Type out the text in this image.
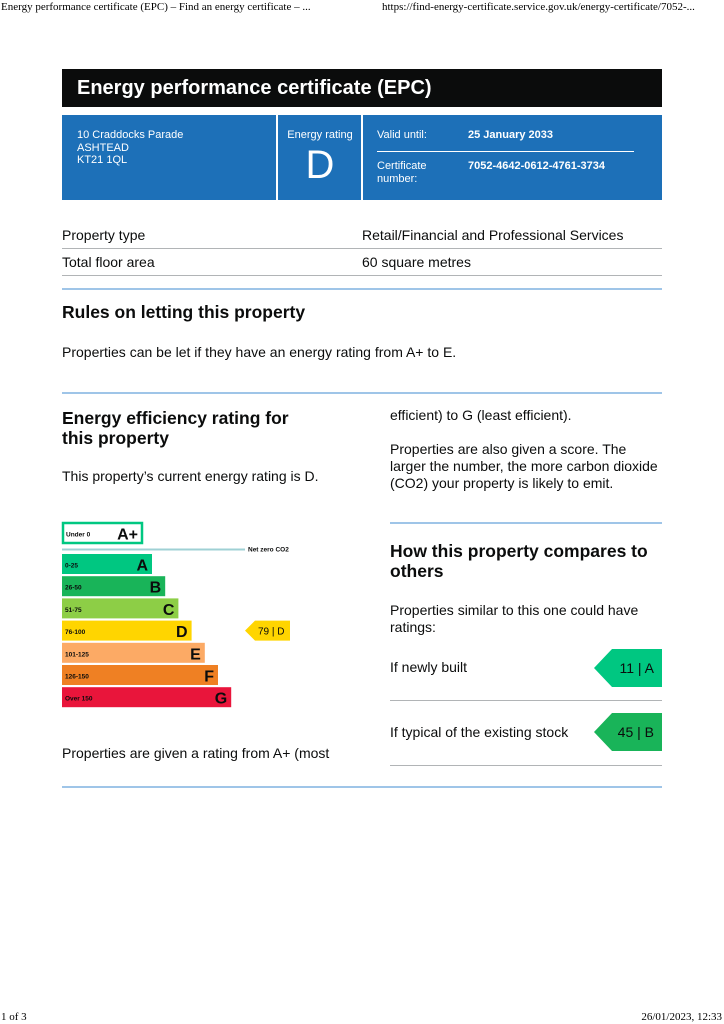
Energy performance certificate (EPC) – Find an energy certificate – ...	https://find-energy-certificate.service.gov.uk/energy-certificate/7052-...
Energy performance certificate (EPC)
10 Craddocks Parade
ASHTEAD
KT21 1QL
Energy rating
D
Valid until:	25 January 2033
Certificate
number:
7052-4642-0612-4761-3734
Property type	Retail/Financial and Professional Services
Total floor area	60 square metres
Rules on letting this property

Properties can be let if they have an energy rating from A+ to E.

Energy efficiency rating for
this property

This property’s current energy rating is D.

Under 0 A+
0-25	A
26-50	B
51-75	C
76-100	D
101-125	E
126-150	F
Over 150	G
Net zero CO2
79 | D

Properties are given a rating from A+ (most

efficient) to G (least efficient).

Properties are also given a score. The
larger the number, the more carbon dioxide
(CO2) your property is likely to emit.

How this property compares to
others

Properties similar to this one could have
ratings:

If newly built	11 | A
If typical of the existing stock	45 | B
1 of 3	26/01/2023, 12:33
